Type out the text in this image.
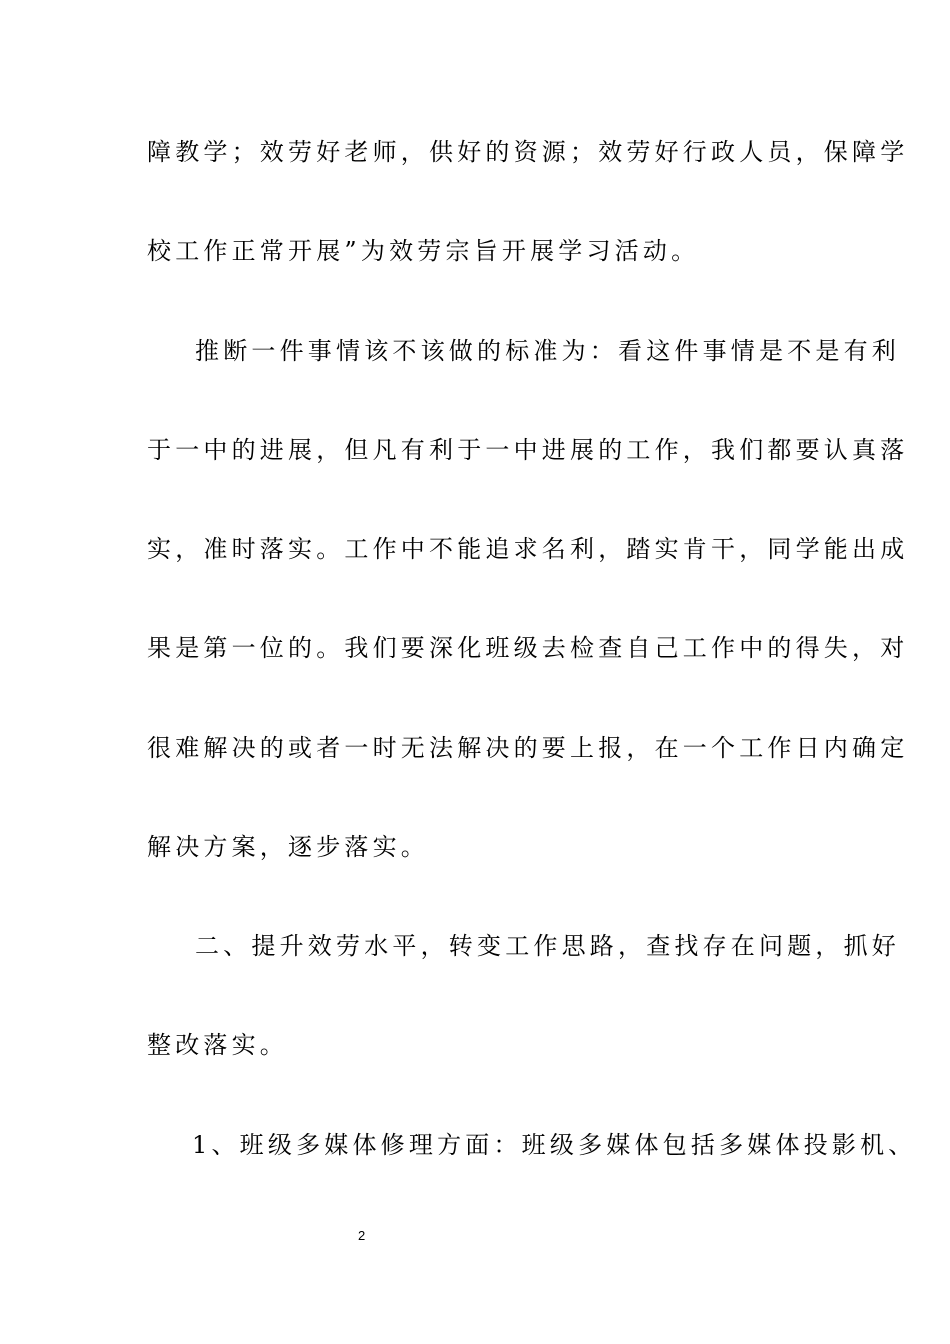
障教学；效劳好老师，供好的资源；效劳好行政人员，保障学
校工作正常开展”为效劳宗旨开展学习活动。
推断一件事情该不该做的标准为：看这件事情是不是有利
于一中的进展，但凡有利于一中进展的工作，我们都要认真落
实，准时落实。工作中不能追求名利，踏实肯干，同学能出成
果是第一位的。我们要深化班级去检查自己工作中的得失，对
很难解决的或者一时无法解决的要上报，在一个工作日内确定
解决方案，逐步落实。
二、提升效劳水平，转变工作思路，查找存在问题，抓好
整改落实。
1、班级多媒体修理方面：班级多媒体包括多媒体投影机、
2
